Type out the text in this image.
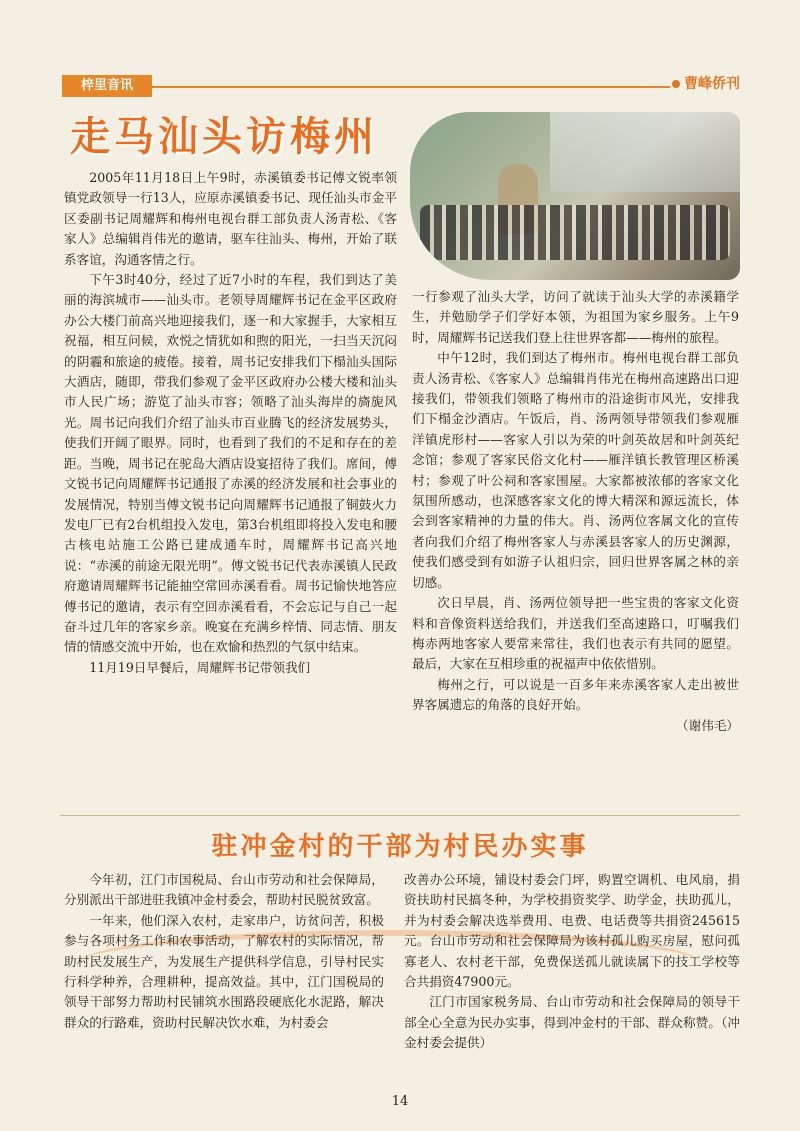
梓里音讯	曹峰侨刊
走马汕头访梅州

2005年11月18日上午9时，赤溪镇委书记傅文锐率领镇党政领导一行13人，应原赤溪镇委书记、现任汕头市金平区委副书记周耀辉和梅州电视台群工部负责人汤青松、《客家人》总编辑肖伟光的邀请，驱车往汕头、梅州，开始了联系客谊，沟通客情之行。

下午3时40分，经过了近7小时的车程，我们到达了美丽的海滨城市——汕头市。老领导周耀辉书记在金平区政府办公大楼门前高兴地迎接我们，逐一和大家握手，大家相互祝福，相互问候，欢悦之情犹如和煦的阳光，一扫当天沉闷的阴霾和旅途的疲倦。接着，周书记安排我们下榻汕头国际大酒店，随即，带我们参观了金平区政府办公楼大楼和汕头市人民广场；游览了汕头市容；领略了汕头海岸的旖旎风光。周书记向我们介绍了汕头市百业腾飞的经济发展势头，使我们开阔了眼界。同时，也看到了我们的不足和存在的差距。当晚，周书记在驼岛大酒店设宴招待了我们。席间，傅文锐书记向周耀辉书记通报了赤溪的经济发展和社会事业的发展情况，特别当傅文锐书记向周耀辉书记通报了铜鼓火力发电厂已有2台机组投入发电，第3台机组即将投入发电和腰古核电站施工公路已建成通车时，周耀辉书记高兴地说：“赤溪的前途无限光明”。傅文锐书记代表赤溪镇人民政府邀请周耀辉书记能抽空常回赤溪看看。周书记愉快地答应傅书记的邀请，表示有空回赤溪看看，不会忘记与自己一起奋斗过几年的客家乡亲。晚宴在充满乡梓情、同志情、朋友情的情感交流中开始，也在欢愉和热烈的气氛中结束。

11月19日早餐后，周耀辉书记带领我们

一行参观了汕头大学，访问了就读于汕头大学的赤溪籍学生，并勉励学子们学好本领，为祖国为家乡服务。上午9时，周耀辉书记送我们登上往世界客都——梅州的旅程。

中午12时，我们到达了梅州市。梅州电视台群工部负责人汤青松、《客家人》总编辑肖伟光在梅州高速路出口迎接我们，带领我们领略了梅州市的沿途街市风光，安排我们下榻金沙酒店。午饭后，肖、汤两领导带领我们参观雁洋镇虎形村——客家人引以为荣的叶剑英故居和叶剑英纪念馆；参观了客家民俗文化村——雁洋镇长教管理区桥溪村；参观了叶公祠和客家围屋。大家都被浓郁的客家文化氛围所感动，也深感客家文化的博大精深和源远流长，体会到客家精神的力量的伟大。肖、汤两位客属文化的宣传者向我们介绍了梅州客家人与赤溪县客家人的历史渊源，使我们感受到有如游子认祖归宗，回归世界客属之林的亲切感。

次日早晨，肖、汤两位领导把一些宝贵的客家文化资料和音像资料送给我们，并送我们至高速路口，叮嘱我们梅赤两地客家人要常来常往，我们也表示有共同的愿望。最后，大家在互相珍重的祝福声中依依惜别。

梅州之行，可以说是一百多年来赤溪客家人走出被世界客属遗忘的角落的良好开始。

（谢伟毛）
驻冲金村的干部为村民办实事

今年初，江门市国税局、台山市劳动和社会保障局，分别派出干部进驻我镇冲金村委会，帮助村民脱贫致富。

一年来，他们深入农村，走家串户，访贫问苦，积极参与各项村务工作和农事活动，了解农村的实际情况，帮助村民发展生产，为发展生产提供科学信息，引导村民实行科学种养，合理耕种，提高效益。其中，江门国税局的领导干部努力帮助村民铺筑水围路段硬底化水泥路，解决群众的行路难，资助村民解决饮水难，为村委会

改善办公环境，铺设村委会门坪，购置空调机、电风扇，捐资扶助村民搞冬种，为学校捐资奖学、助学金，扶助孤儿，并为村委会解决选举费用、电费、电话费等共捐资245615元。台山市劳动和社会保障局为该村孤儿购买房屋，慰问孤寡老人、农村老干部，免费保送孤儿就读属下的技工学校等合共捐资47900元。

江门市国家税务局、台山市劳动和社会保障局的领导干部全心全意为民办实事，得到冲金村的干部、群众称赞。（冲金村委会提供）

14
